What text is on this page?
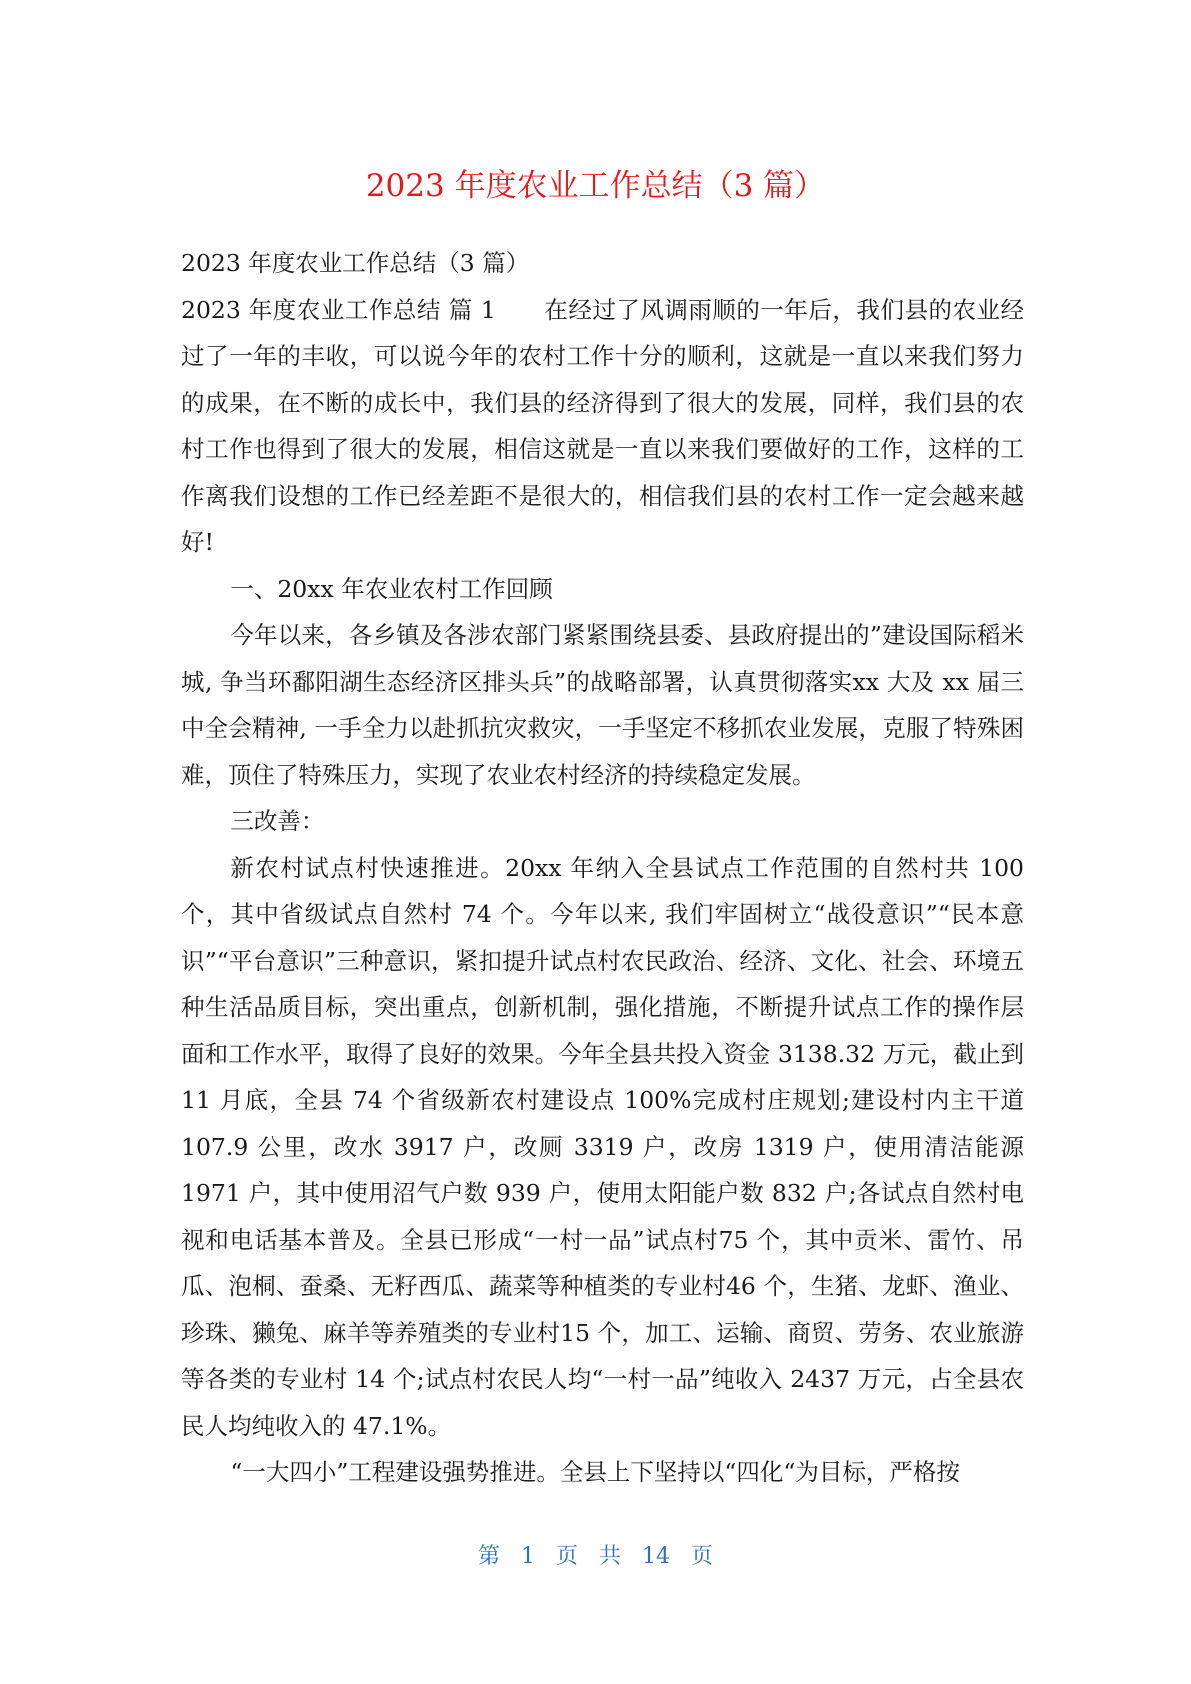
2023 年度农业工作总结（3 篇）

2023 年度农业工作总结（3 篇）

2023 年度农业工作总结 篇 1　　在经过了风调雨顺的一年后，我们县的农业经过了一年的丰收，可以说今年的农村工作十分的顺利，这就是一直以来我们努力的成果，在不断的成长中，我们县的经济得到了很大的发展，同样，我们县的农村工作也得到了很大的发展，相信这就是一直以来我们要做好的工作，这样的工作离我们设想的工作已经差距不是很大的，相信我们县的农村工作一定会越来越好!

一、20xx 年农业农村工作回顾

今年以来，各乡镇及各涉农部门紧紧围绕县委、县政府提出的”建设国际稻米城, 争当环鄱阳湖生态经济区排头兵”的战略部署，认真贯彻落实xx 大及 xx 届三中全会精神, 一手全力以赴抓抗灾救灾，一手坚定不移抓农业发展，克服了特殊困难，顶住了特殊压力，实现了农业农村经济的持续稳定发展。

三改善：

新农村试点村快速推进。20xx 年纳入全县试点工作范围的自然村共 100 个，其中省级试点自然村 74 个。今年以来, 我们牢固树立“战役意识”“民本意识”“平台意识”三种意识，紧扣提升试点村农民政治、经济、文化、社会、环境五种生活品质目标，突出重点，创新机制，强化措施，不断提升试点工作的操作层面和工作水平，取得了良好的效果。今年全县共投入资金 3138.32 万元，截止到 11 月底，全县 74 个省级新农村建设点 100%完成村庄规划;建设村内主干道 107.9 公里，改水 3917 户，改厕 3319 户，改房 1319 户，使用清洁能源 1971 户，其中使用沼气户数 939 户，使用太阳能户数 832 户;各试点自然村电视和电话基本普及。全县已形成“一村一品”试点村75 个，其中贡米、雷竹、吊瓜、泡桐、蚕桑、无籽西瓜、蔬菜等种植类的专业村46 个，生猪、龙虾、渔业、珍珠、獭兔、麻羊等养殖类的专业村15 个，加工、运输、商贸、劳务、农业旅游等各类的专业村 14 个;试点村农民人均“一村一品”纯收入 2437 万元，占全县农民人均纯收入的 47.1%。

“一大四小”工程建设强势推进。全县上下坚持以“四化“为目标，严格按

第 1 页 共 14 页
